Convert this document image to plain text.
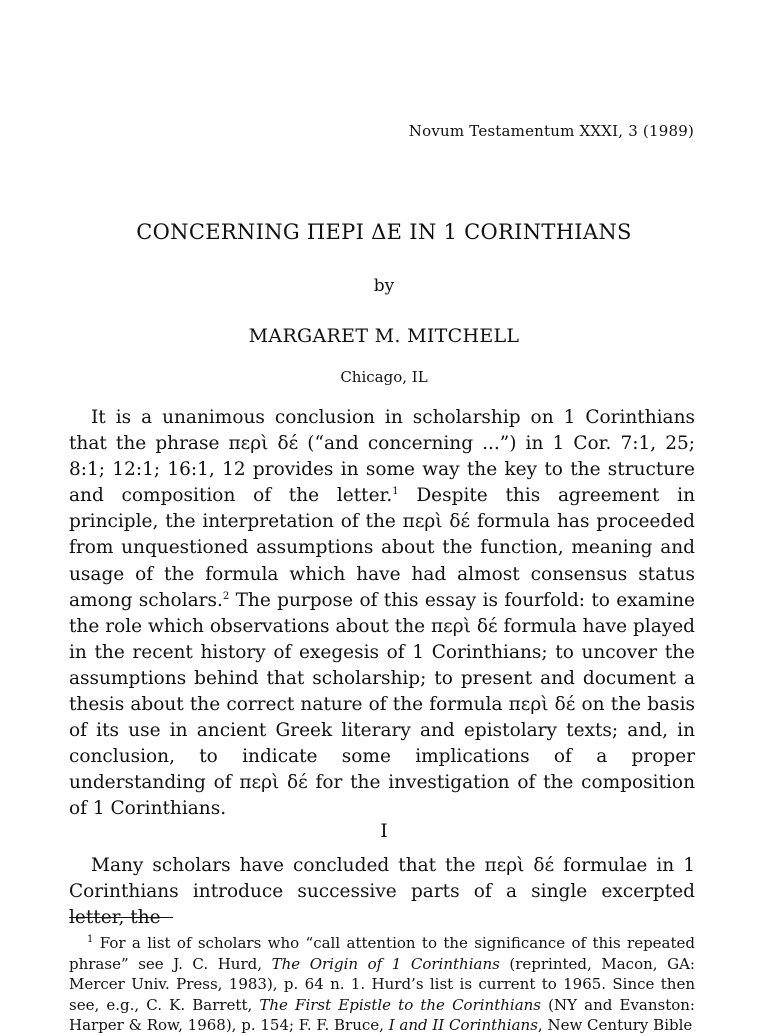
Novum Testamentum XXXI, 3 (1989)
CONCERNING ΠΕΡΙ ΔΕ IN 1 CORINTHIANS
by
MARGARET M. MITCHELL
Chicago, IL

It is a unanimous conclusion in scholarship on 1 Corinthians that the phrase περὶ δέ (“and concerning ...”) in 1 Cor. 7:1, 25; 8:1; 12:1; 16:1, 12 provides in some way the key to the structure and composition of the letter.$^1$ Despite this agreement in principle, the interpretation of the περὶ δέ formula has proceeded from unquestioned assumptions about the function, meaning and usage of the formula which have had almost consensus status among scholars.$^2$ The purpose of this essay is fourfold: to examine the role which observations about the περὶ δέ formula have played in the recent history of exegesis of 1 Corinthians; to uncover the assumptions behind that scholarship; to present and document a thesis about the correct nature of the formula περὶ δέ on the basis of its use in ancient Greek literary and epistolary texts; and, in conclusion, to indicate some implications of a proper understanding of περὶ δέ for the investigation of the composition of 1 Corinthians.

I

Many scholars have concluded that the περὶ δέ formulae in 1 Corinthians introduce successive parts of a single excerpted letter, the

$^1$ For a list of scholars who “call attention to the significance of this repeated phrase” see J. C. Hurd, The Origin of 1 Corinthians (reprinted, Macon, GA: Mercer Univ. Press, 1983), p. 64 n. 1. Hurd’s list is current to 1965. Since then see, e.g., C. K. Barrett, The First Epistle to the Corinthians (NY and Evanston: Harper & Row, 1968), p. 154; F. F. Bruce, I and II Corinthians, New Century Bible
